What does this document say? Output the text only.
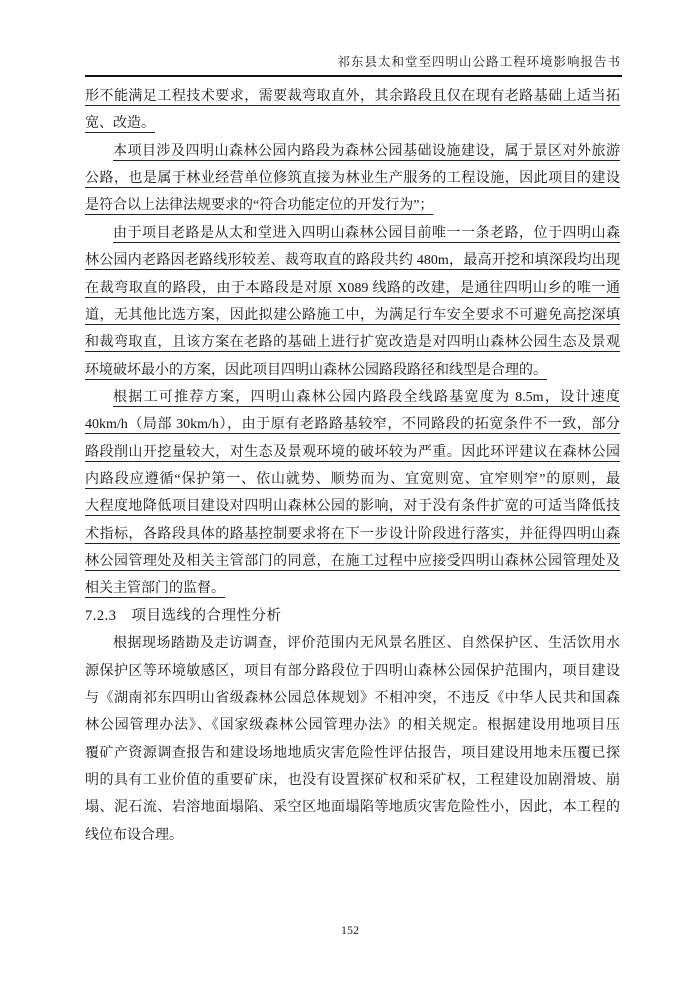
祁东县太和堂至四明山公路工程环境影响报告书
形不能满足工程技术要求，需要裁弯取直外，其余路段且仅在现有老路基础上适当拓
宽、改造。
本项目涉及四明山森林公园内路段为森林公园基础设施建设，属于景区对外旅游
公路，也是属于林业经营单位修筑直接为林业生产服务的工程设施，因此项目的建设
是符合以上法律法规要求的“符合功能定位的开发行为”；
由于项目老路是从太和堂进入四明山森林公园目前唯一一条老路，位于四明山森
林公园内老路因老路线形较差、裁弯取直的路段共约 480m，最高开挖和填深段均出现
在裁弯取直的路段，由于本路段是对原 X089 线路的改建，是通往四明山乡的唯一通
道，无其他比选方案，因此拟建公路施工中，为满足行车安全要求不可避免高挖深填
和裁弯取直，且该方案在老路的基础上进行扩宽改造是对四明山森林公园生态及景观
环境破坏最小的方案，因此项目四明山森林公园路段路径和线型是合理的。
根据工可推荐方案，四明山森林公园内路段全线路基宽度为 8.5m，设计速度
40km/h（局部 30km/h），由于原有老路路基较窄，不同路段的拓宽条件不一致，部分
路段削山开挖量较大，对生态及景观环境的破坏较为严重。因此环评建议在森林公园
内路段应遵循“保护第一、依山就势、顺势而为、宜宽则宽、宜窄则窄”的原则，最
大程度地降低项目建设对四明山森林公园的影响，对于没有条件扩宽的可适当降低技
术指标，各路段具体的路基控制要求将在下一步设计阶段进行落实，并征得四明山森
林公园管理处及相关主管部门的同意，在施工过程中应接受四明山森林公园管理处及
相关主管部门的监督。
7.2.3　项目选线的合理性分析
根据现场踏勘及走访调查，评价范围内无风景名胜区、自然保护区、生活饮用水
源保护区等环境敏感区，项目有部分路段位于四明山森林公园保护范围内，项目建设
与《湖南祁东四明山省级森林公园总体规划》不相冲突，不违反《中华人民共和国森
林公园管理办法》、《国家级森林公园管理办法》的相关规定。根据建设用地项目压
覆矿产资源调查报告和建设场地地质灾害危险性评估报告，项目建设用地未压覆已探
明的具有工业价值的重要矿床，也没有设置探矿权和采矿权，工程建设加剧滑坡、崩
塌、泥石流、岩溶地面塌陷、采空区地面塌陷等地质灾害危险性小，因此，本工程的
线位布设合理。
152
